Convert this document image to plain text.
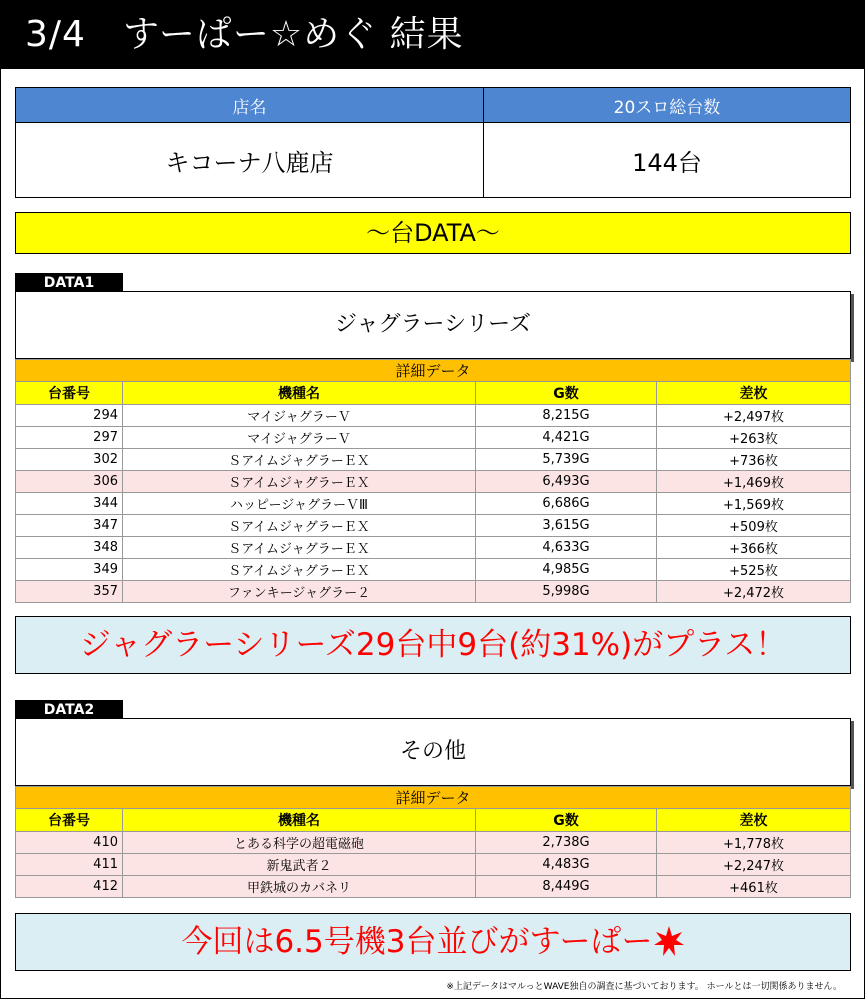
3/4　すーぱー☆めぐ 結果
店名	20スロ総台数
キコーナ八鹿店	144台
～台DATA～
DATA1
ジャグラーシリーズ
詳細データ			
台番号	機種名	G数	差枚
294	マイジャグラーＶ	8,215G	+2,497枚
297	マイジャグラーＶ	4,421G	+263枚
302	ＳアイムジャグラーＥＸ	5,739G	+736枚
306	ＳアイムジャグラーＥＸ	6,493G	+1,469枚
344	ハッピージャグラーＶⅢ	6,686G	+1,569枚
347	ＳアイムジャグラーＥＸ	3,615G	+509枚
348	ＳアイムジャグラーＥＸ	4,633G	+366枚
349	ＳアイムジャグラーＥＸ	4,985G	+525枚
357	ファンキージャグラー２	5,998G	+2,472枚
ジャグラーシリーズ29台中9台(約31%)がプラス！
DATA2
その他
詳細データ			
台番号	機種名	G数	差枚
410	とある科学の超電磁砲	2,738G	+1,778枚
411	新鬼武者２	4,483G	+2,247枚
412	甲鉄城のカバネリ	8,449G	+461枚
今回は6.5号機3台並びがすーぱー
※上記データはマルっとWAVE独自の調査に基づいております。 ホールとは一切関係ありません。
